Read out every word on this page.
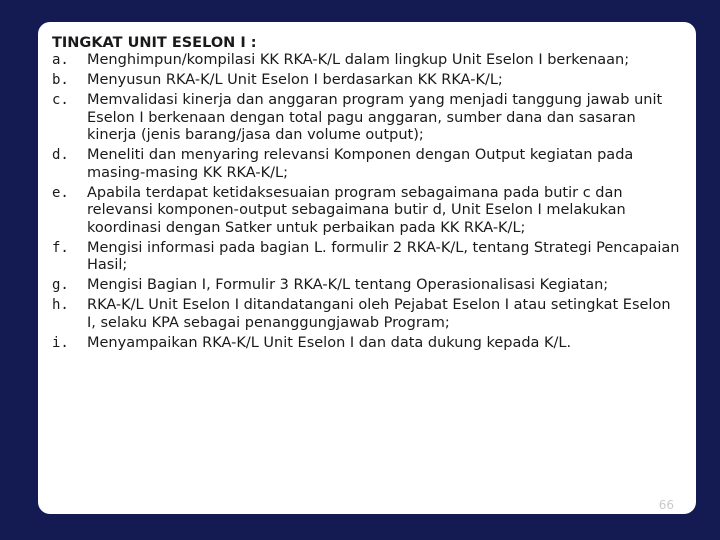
TINGKAT UNIT ESELON I :
a.	Menghimpun/kompilasi KK RKA-K/L dalam lingkup Unit Eselon I berkenaan;
b.	Menyusun RKA-K/L Unit Eselon I berdasarkan KK RKA-K/L;
c.	Memvalidasi kinerja dan anggaran program yang menjadi tanggung jawab unit Eselon I berkenaan dengan total pagu anggaran, sumber dana dan sasaran kinerja (jenis barang/jasa dan volume output);
d.	Meneliti dan menyaring relevansi Komponen dengan Output kegiatan pada masing-masing KK RKA-K/L;
e.	Apabila terdapat ketidaksesuaian program sebagaimana pada butir c dan relevansi komponen-output sebagaimana butir d, Unit Eselon I melakukan koordinasi dengan Satker untuk perbaikan pada KK RKA-K/L;
f.	Mengisi informasi pada bagian L. formulir 2 RKA-K/L, tentang Strategi Pencapaian Hasil;
g.	Mengisi Bagian I, Formulir 3 RKA-K/L tentang Operasionalisasi Kegiatan;
h.	RKA-K/L Unit Eselon I ditandatangani oleh Pejabat Eselon I atau setingkat Eselon I, selaku KPA sebagai penanggungjawab Program;
i.	Menyampaikan RKA-K/L Unit Eselon I dan data dukung kepada K/L.
66
